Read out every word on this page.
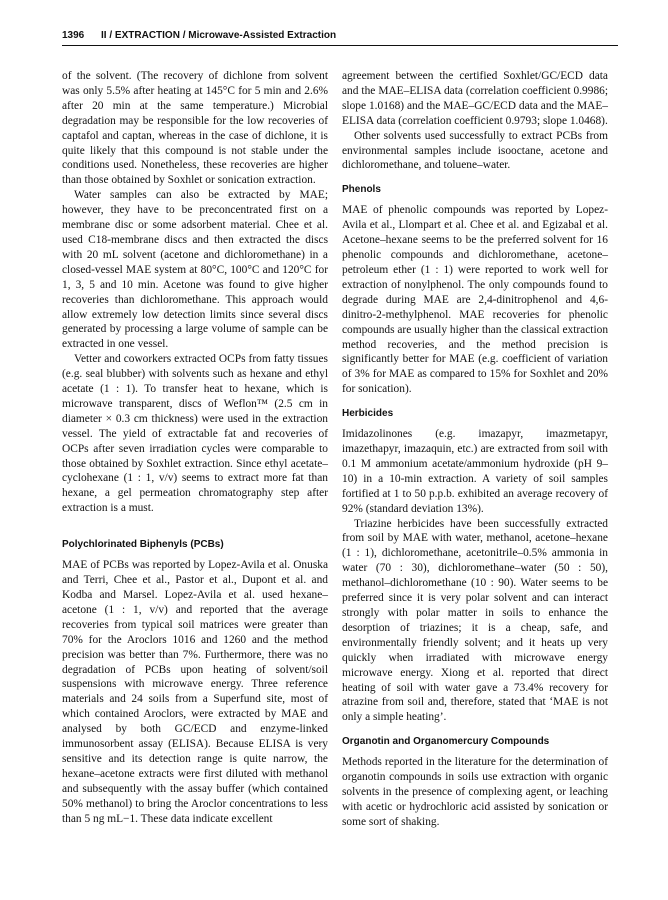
1396 II / EXTRACTION / Microwave-Assisted Extraction

of the solvent. (The recovery of dichlone from solvent was only 5.5% after heating at 145°C for 5 min and 2.6% after 20 min at the same temperature.) Microbial degradation may be responsible for the low recoveries of captafol and captan, whereas in the case of dichlone, it is quite likely that this compound is not stable under the conditions used. Nonetheless, these recoveries are higher than those obtained by Soxhlet or sonication extraction.

Water samples can also be extracted by MAE; however, they have to be preconcentrated first on a membrane disc or some adsorbent material. Chee et al. used C18-membrane discs and then extracted the discs with 20 mL solvent (acetone and dichloromethane) in a closed-vessel MAE system at 80°C, 100°C and 120°C for 1, 3, 5 and 10 min. Acetone was found to give higher recoveries than dichloromethane. This approach would allow extremely low detection limits since several discs generated by processing a large volume of sample can be extracted in one vessel.

Vetter and coworkers extracted OCPs from fatty tissues (e.g. seal blubber) with solvents such as hexane and ethyl acetate (1 : 1). To transfer heat to hexane, which is microwave transparent, discs of Weflon™ (2.5 cm in diameter × 0.3 cm thickness) were used in the extraction vessel. The yield of extractable fat and recoveries of OCPs after seven irradiation cycles were comparable to those obtained by Soxhlet extraction. Since ethyl acetate–cyclohexane (1 : 1, v/v) seems to extract more fat than hexane, a gel permeation chromatography step after extraction is a must.

Polychlorinated Biphenyls (PCBs)

MAE of PCBs was reported by Lopez-Avila et al. Onuska and Terri, Chee et al., Pastor et al., Dupont et al. and Kodba and Marsel. Lopez-Avila et al. used hexane–acetone (1 : 1, v/v) and reported that the average recoveries from typical soil matrices were greater than 70% for the Aroclors 1016 and 1260 and the method precision was better than 7%. Furthermore, there was no degradation of PCBs upon heating of solvent/soil suspensions with microwave energy. Three reference materials and 24 soils from a Superfund site, most of which contained Aroclors, were extracted by MAE and analysed by both GC/ECD and enzyme-linked immunosorbent assay (ELISA). Because ELISA is very sensitive and its detection range is quite narrow, the hexane–acetone extracts were first diluted with methanol and subsequently with the assay buffer (which contained 50% methanol) to bring the Aroclor concentrations to less than 5 ng mL−1. These data indicate excellent

agreement between the certified Soxhlet/GC/ECD data and the MAE–ELISA data (correlation coefficient 0.9986; slope 1.0168) and the MAE–GC/ECD data and the MAE–ELISA data (correlation coefficient 0.9793; slope 1.0468).

Other solvents used successfully to extract PCBs from environmental samples include isooctane, acetone and dichloromethane, and toluene–water.

Phenols

MAE of phenolic compounds was reported by Lopez-Avila et al., Llompart et al. Chee et al. and Egizabal et al. Acetone–hexane seems to be the preferred solvent for 16 phenolic compounds and dichloromethane, acetone–petroleum ether (1 : 1) were reported to work well for extraction of nonylphenol. The only compounds found to degrade during MAE are 2,4-dinitrophenol and 4,6-dinitro-2-methylphenol. MAE recoveries for phenolic compounds are usually higher than the classical extraction method recoveries, and the method precision is significantly better for MAE (e.g. coefficient of variation of 3% for MAE as compared to 15% for Soxhlet and 20% for sonication).

Herbicides

Imidazolinones (e.g. imazapyr, imazmetapyr, imazethapyr, imazaquin, etc.) are extracted from soil with 0.1 M ammonium acetate/ammonium hydroxide (pH 9–10) in a 10-min extraction. A variety of soil samples fortified at 1 to 50 p.p.b. exhibited an average recovery of 92% (standard deviation 13%).

Triazine herbicides have been successfully extracted from soil by MAE with water, methanol, acetone–hexane (1 : 1), dichloromethane, acetonitrile–0.5% ammonia in water (70 : 30), dichloromethane–water (50 : 50), methanol–dichloromethane (10 : 90). Water seems to be preferred since it is very polar solvent and can interact strongly with polar matter in soils to enhance the desorption of triazines; it is a cheap, safe, and environmentally friendly solvent; and it heats up very quickly when irradiated with microwave energy microwave energy. Xiong et al. reported that direct heating of soil with water gave a 73.4% recovery for atrazine from soil and, therefore, stated that ‘MAE is not only a simple heating’.

Organotin and Organomercury Compounds

Methods reported in the literature for the determination of organotin compounds in soils use extraction with organic solvents in the presence of complexing agent, or leaching with acetic or hydrochloric acid assisted by sonication or some sort of shaking.
